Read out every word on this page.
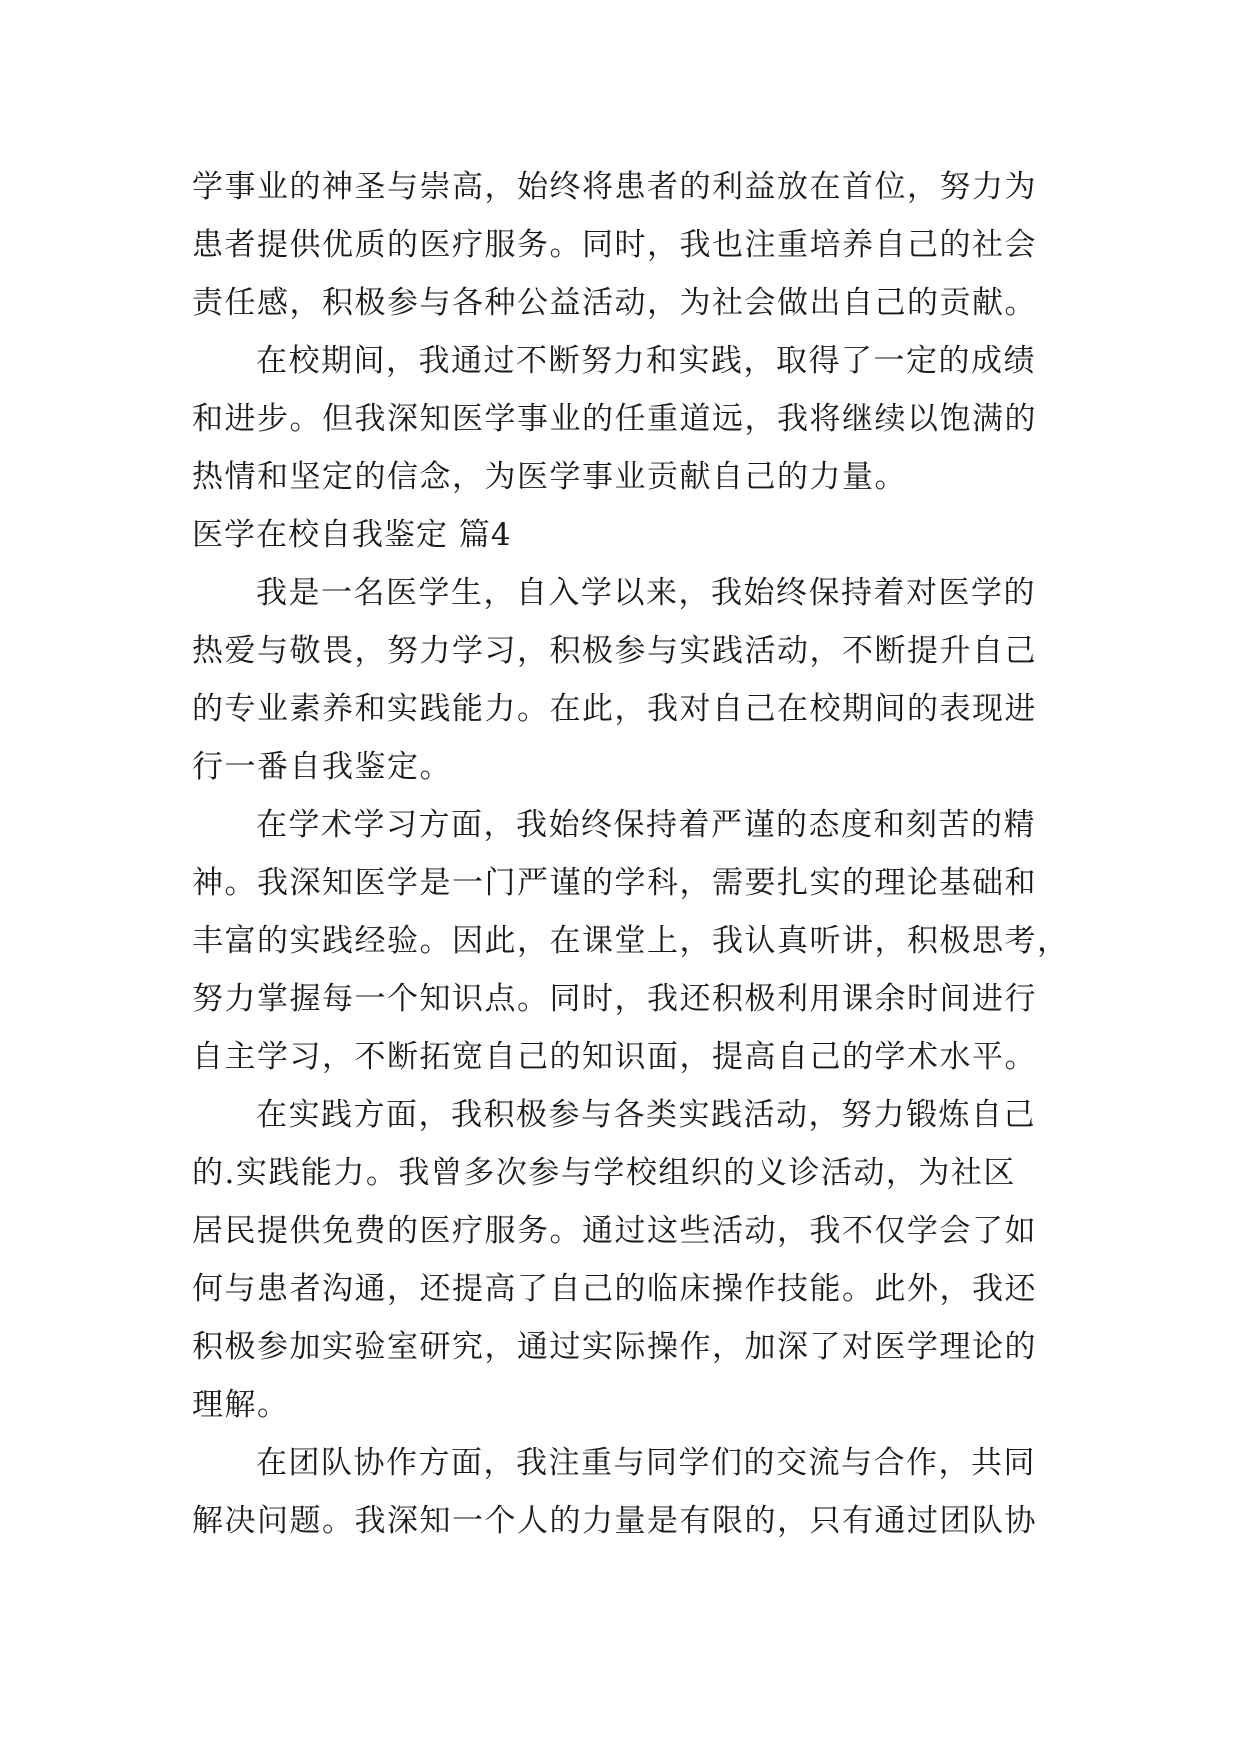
学事业的神圣与崇高，始终将患者的利益放在首位，努力为
患者提供优质的医疗服务。同时，我也注重培养自己的社会
责任感，积极参与各种公益活动，为社会做出自己的贡献。
在校期间，我通过不断努力和实践，取得了一定的成绩
和进步。但我深知医学事业的任重道远，我将继续以饱满的
热情和坚定的信念，为医学事业贡献自己的力量。
医学在校自我鉴定 篇4
我是一名医学生，自入学以来，我始终保持着对医学的
热爱与敬畏，努力学习，积极参与实践活动，不断提升自己
的专业素养和实践能力。在此，我对自己在校期间的表现进
行一番自我鉴定。
在学术学习方面，我始终保持着严谨的态度和刻苦的精
神。我深知医学是一门严谨的学科，需要扎实的理论基础和
丰富的实践经验。因此，在课堂上，我认真听讲，积极思考，
努力掌握每一个知识点。同时，我还积极利用课余时间进行
自主学习，不断拓宽自己的知识面，提高自己的学术水平。
在实践方面，我积极参与各类实践活动，努力锻炼自己
的.实践能力。我曾多次参与学校组织的义诊活动，为社区
居民提供免费的医疗服务。通过这些活动，我不仅学会了如
何与患者沟通，还提高了自己的临床操作技能。此外，我还
积极参加实验室研究，通过实际操作，加深了对医学理论的
理解。
在团队协作方面，我注重与同学们的交流与合作，共同
解决问题。我深知一个人的力量是有限的，只有通过团队协
